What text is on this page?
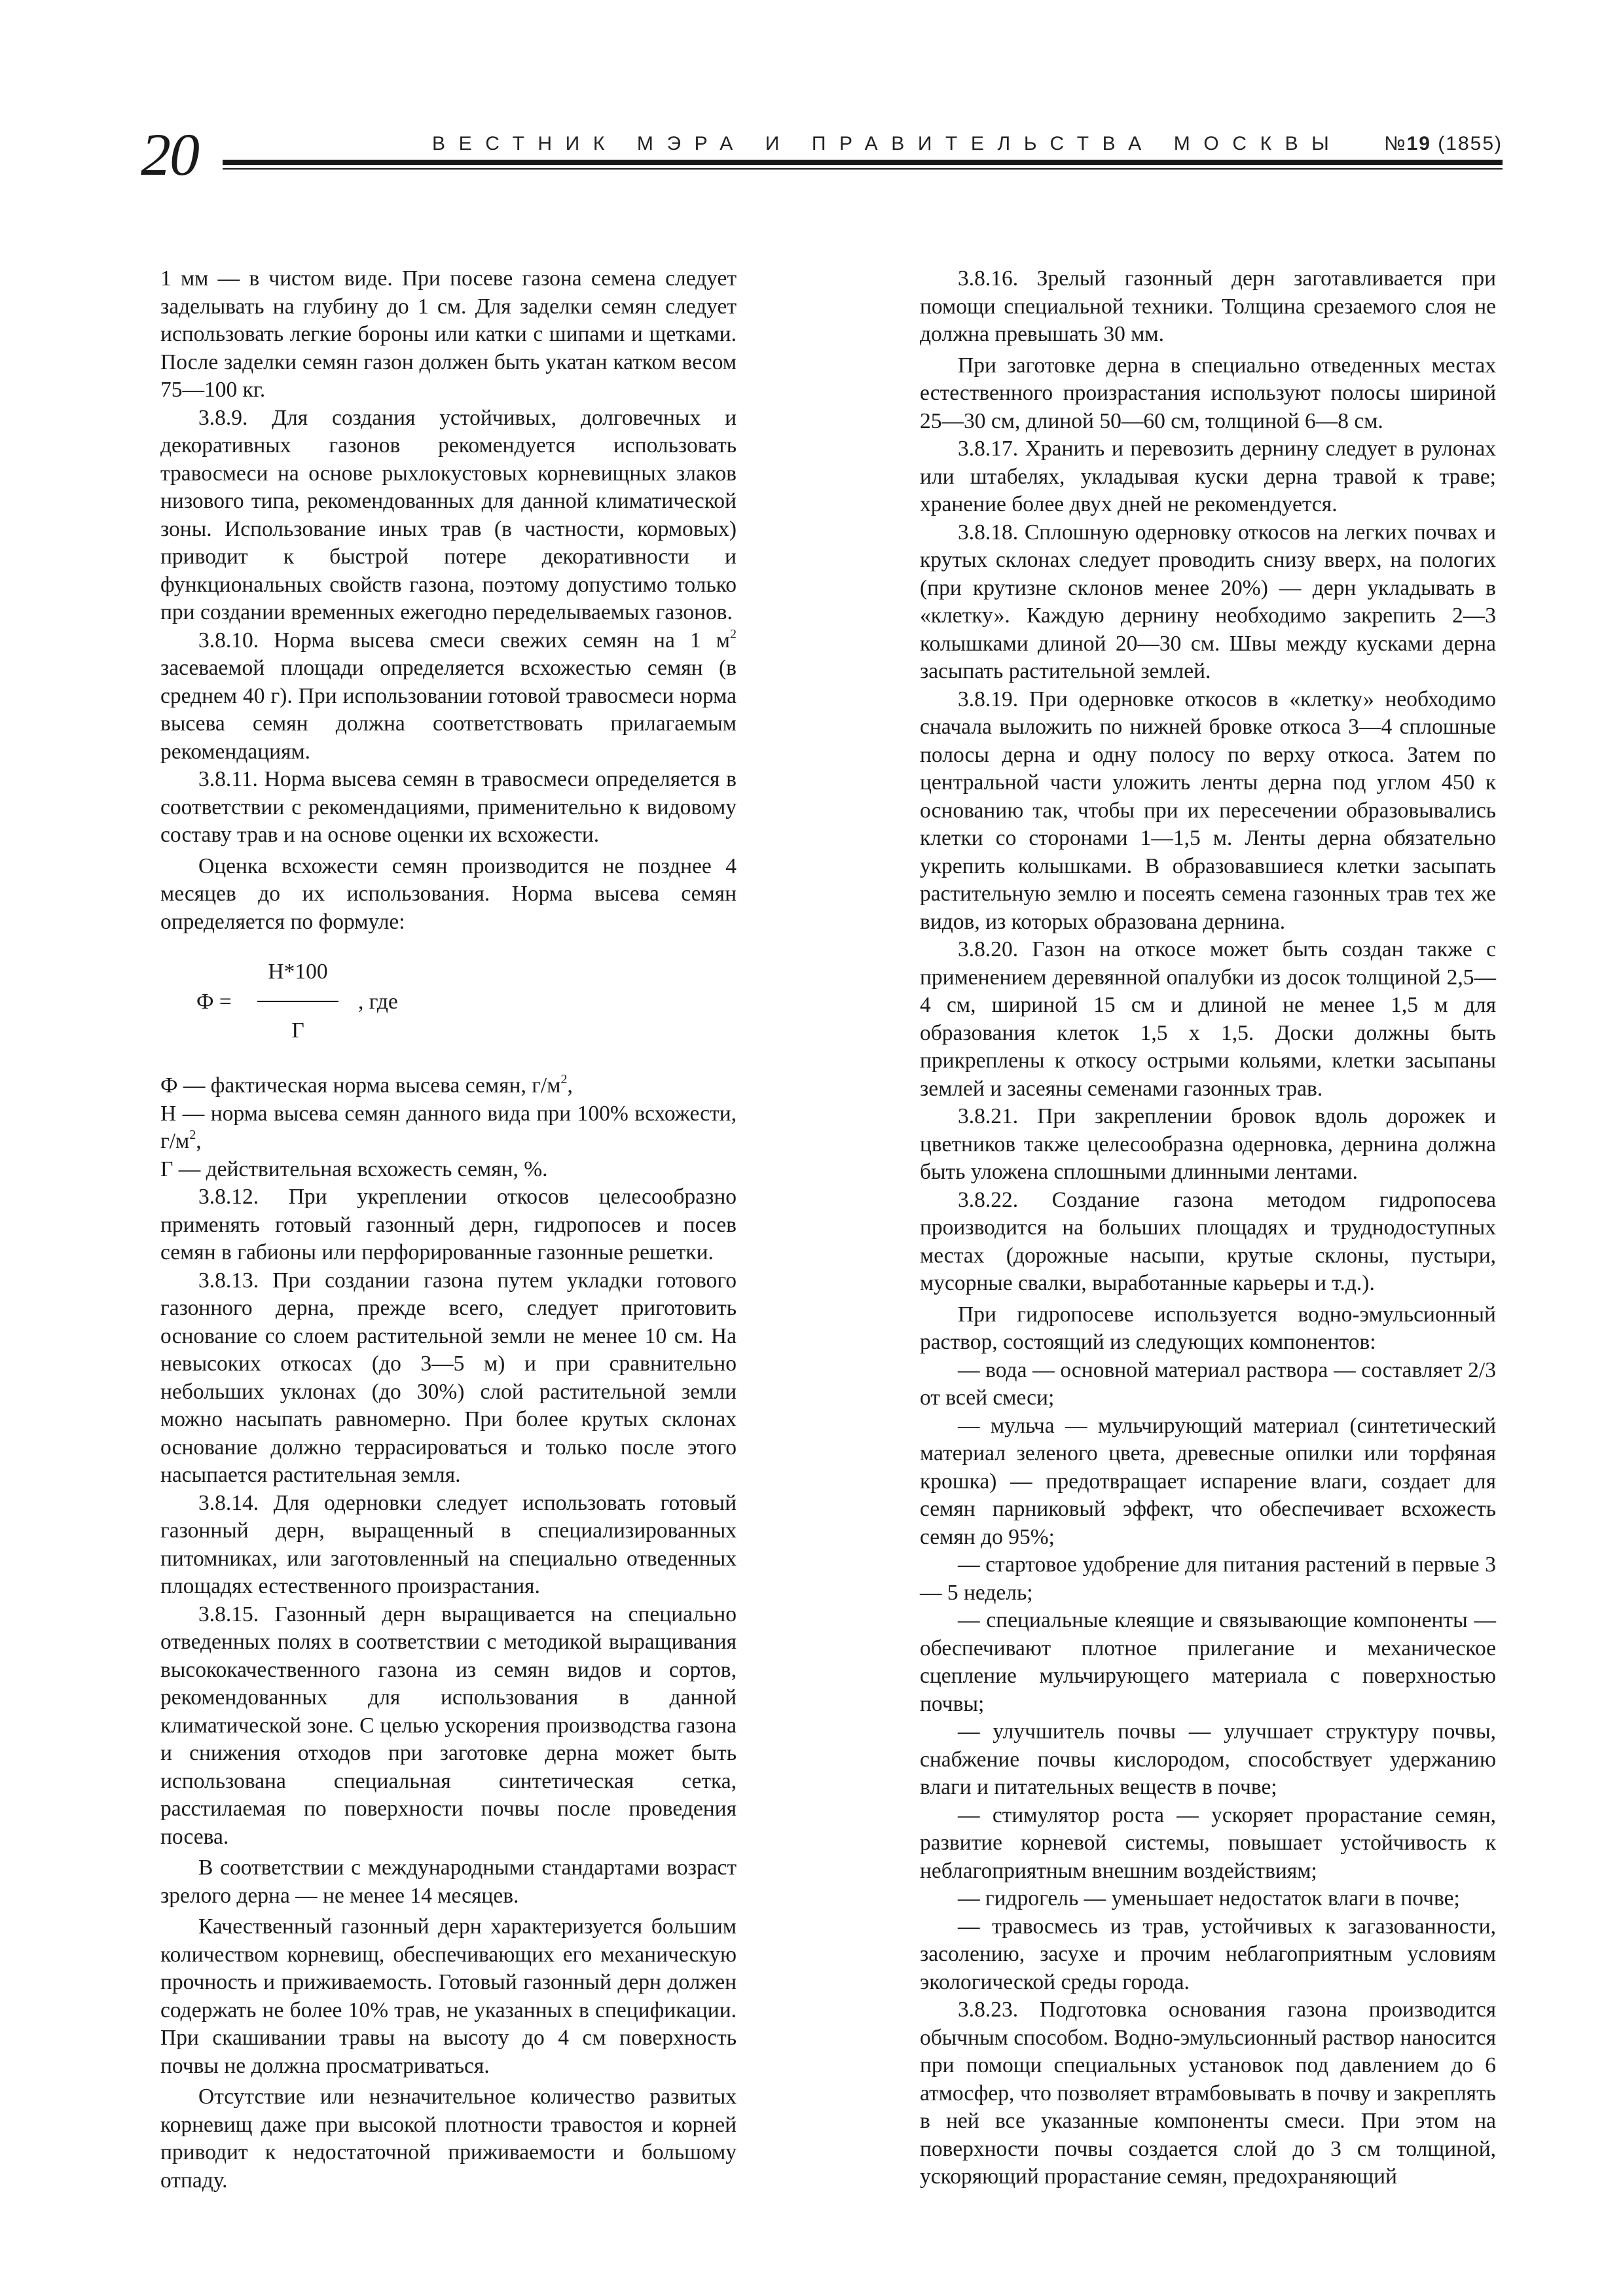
20	ВЕСТНИК МЭРА И ПРАВИТЕЛЬСТВА МОСКВЫ №19 (1855)

1 мм — в чистом виде. При посеве газона семена следует заделывать на глубину до 1 см. Для заделки семян следует использовать легкие бороны или катки с шипами и щетками. После заделки семян газон должен быть укатан катком весом 75—100 кг.

3.8.9. Для создания устойчивых, долговечных и декоративных газонов рекомендуется использовать травосмеси на основе рыхлокустовых корневищных злаков низового типа, рекомендованных для данной климатической зоны. Использование иных трав (в частности, кормовых) приводит к быстрой потере декоративности и функциональных свойств газона, поэтому допустимо только при создании временных ежегодно переделываемых газонов.

3.8.10. Норма высева смеси свежих семян на 1 $м^2$ засеваемой площади определяется всхожестью семян (в среднем 40 г). При использовании готовой травосмеси норма высева семян должна соответствовать прилагаемым рекомендациям.

3.8.11. Норма высева семян в травосмеси определяется в соответствии с рекомендациями, применительно к видовому составу трав и на основе оценки их всхожести.

Оценка всхожести семян производится не позднее 4 месяцев до их использования. Норма высева семян определяется по формуле:

Ф =
Н*100
Г
, где

Ф — фактическая норма высева семян, $г/м^2$,

Н — норма высева семян данного вида при 100% всхожести, $г/м^2$,

Г — действительная всхожесть семян, %.

3.8.12. При укреплении откосов целесообразно применять готовый газонный дерн, гидропосев и посев семян в габионы или перфорированные газонные решетки.

3.8.13. При создании газона путем укладки готового газонного дерна, прежде всего, следует приготовить основание со слоем растительной земли не менее 10 см. На невысоких откосах (до 3—5 м) и при сравнительно небольших уклонах (до 30%) слой растительной земли можно насыпать равномерно. При более крутых склонах основание должно террасироваться и только после этого насыпается растительная земля.

3.8.14. Для одерновки следует использовать готовый газонный дерн, выращенный в специализированных питомниках, или заготовленный на специально отведенных площадях естественного произрастания.

3.8.15. Газонный дерн выращивается на специально отведенных полях в соответствии с методикой выращивания высококачественного газона из семян видов и сортов, рекомендованных для использования в данной климатической зоне. С целью ускорения производства газона и снижения отходов при заготовке дерна может быть использована специальная синтетическая сетка, расстилаемая по поверхности почвы после проведения посева.

В соответствии с международными стандартами возраст зрелого дерна — не менее 14 месяцев.

Качественный газонный дерн характеризуется большим количеством корневищ, обеспечивающих его механическую прочность и приживаемость. Готовый газонный дерн должен содержать не более 10% трав, не указанных в спецификации. При скашивании травы на высоту до 4 см поверхность почвы не должна просматриваться.

Отсутствие или незначительное количество развитых корневищ даже при высокой плотности травостоя и корней приводит к недостаточной приживаемости и большому отпаду.

3.8.16. Зрелый газонный дерн заготавливается при помощи специальной техники. Толщина срезаемого слоя не должна превышать 30 мм.

При заготовке дерна в специально отведенных местах естественного произрастания используют полосы шириной 25—30 см, длиной 50—60 см, толщиной 6—8 см.

3.8.17. Хранить и перевозить дернину следует в рулонах или штабелях, укладывая куски дерна травой к траве; хранение более двух дней не рекомендуется.

3.8.18. Сплошную одерновку откосов на легких почвах и крутых склонах следует проводить снизу вверх, на пологих (при крутизне склонов менее 20%) — дерн укладывать в «клетку». Каждую дернину необходимо закрепить 2—3 колышками длиной 20—30 см. Швы между кусками дерна засыпать растительной землей.

3.8.19. При одерновке откосов в «клетку» необходимо сначала выложить по нижней бровке откоса 3—4 сплошные полосы дерна и одну полосу по верху откоса. Затем по центральной части уложить ленты дерна под углом 450 к основанию так, чтобы при их пересечении образовывались клетки со сторонами 1—1,5 м. Ленты дерна обязательно укрепить колышками. В образовавшиеся клетки засыпать растительную землю и посеять семена газонных трав тех же видов, из которых образована дернина.

3.8.20. Газон на откосе может быть создан также с применением деревянной опалубки из досок толщиной 2,5—4 см, шириной 15 см и длиной не менее 1,5 м для образования клеток 1,5 х 1,5. Доски должны быть прикреплены к откосу острыми кольями, клетки засыпаны землей и засеяны семенами газонных трав.

3.8.21. При закреплении бровок вдоль дорожек и цветников также целесообразна одерновка, дернина должна быть уложена сплошными длинными лентами.

3.8.22. Создание газона методом гидропосева производится на больших площадях и труднодоступных местах (дорожные насыпи, крутые склоны, пустыри, мусорные свалки, выработанные карьеры и т.д.).

При гидропосеве используется водно-эмульсионный раствор, состоящий из следующих компонентов:

— вода — основной материал раствора — составляет 2/3 от всей смеси;

— мульча — мульчирующий материал (синтетический материал зеленого цвета, древесные опилки или торфяная крошка) — предотвращает испарение влаги, создает для семян парниковый эффект, что обеспечивает всхожесть семян до 95%;

— стартовое удобрение для питания растений в первые 3 — 5 недель;

— специальные клеящие и связывающие компоненты — обеспечивают плотное прилегание и механическое сцепление мульчирующего материала с поверхностью почвы;

— улучшитель почвы — улучшает структуру почвы, снабжение почвы кислородом, способствует удержанию влаги и питательных веществ в почве;

— стимулятор роста — ускоряет прорастание семян, развитие корневой системы, повышает устойчивость к неблагоприятным внешним воздействиям;

— гидрогель — уменьшает недостаток влаги в почве;

— травосмесь из трав, устойчивых к загазованности, засолению, засухе и прочим неблагоприятным условиям экологической среды города.

3.8.23. Подготовка основания газона производится обычным способом. Водно-эмульсионный раствор наносится при помощи специальных установок под давлением до 6 атмосфер, что позволяет втрамбовывать в почву и закреплять в ней все указанные компоненты смеси. При этом на поверхности почвы создается слой до 3 см толщиной, ускоряющий прорастание семян, предохраняющий
